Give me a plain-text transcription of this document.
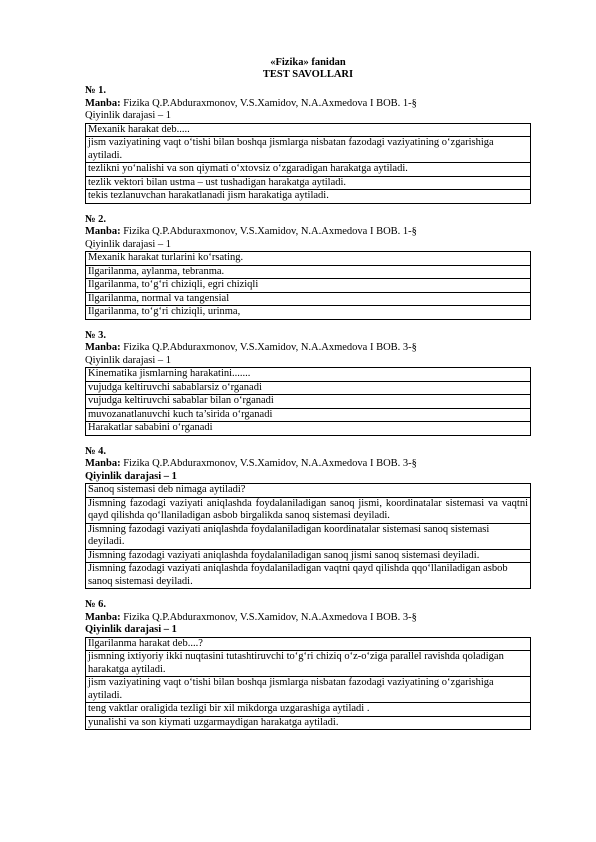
«Fizika» fanidan
TEST SAVOLLARI
№ 1.
Manba: Fizika Q.P.Abduraxmonov, V.S.Xamidov, N.A.Axmedova I BOB. 1-§
Qiyinlik darajasi – 1
Mexanik harakat deb.....
jism vaziyatining vaqt o‘tishi bilan boshqa jismlarga nisbatan fazodagi vaziyatining o‘zgarishiga aytiladi.
tezlikni yo‘nalishi va son qiymati o‘xtovsiz o‘zgaradigan harakatga aytiladi.
tezlik vektori bilan ustma – ust tushadigan harakatga aytiladi.
tekis tezlanuvchan harakatlanadi jism harakatiga aytiladi.
№ 2.
Manba: Fizika Q.P.Abduraxmonov, V.S.Xamidov, N.A.Axmedova I BOB. 1-§
Qiyinlik darajasi – 1
Mexanik harakat turlarini ko‘rsating.
Ilgarilanma, aylanma, tebranma.
Ilgarilanma, to‘g‘ri chiziqli, egri chiziqli
Ilgarilanma, normal va tangensial
Ilgarilanma, to‘g‘ri chiziqli, urinma,
№ 3.
Manba: Fizika Q.P.Abduraxmonov, V.S.Xamidov, N.A.Axmedova I BOB. 3-§
Qiyinlik darajasi – 1
Kinematika jismlarning harakatini.......
vujudga keltiruvchi sabablarsiz o‘rganadi
vujudga keltiruvchi sabablar bilan o‘rganadi
muvozanatlanuvchi kuch ta’sirida o‘rganadi
Harakatlar sababini o‘rganadi
№ 4.
Manba: Fizika Q.P.Abduraxmonov, V.S.Xamidov, N.A.Axmedova I BOB. 3-§
Qiyinlik darajasi – 1
Sanoq sistemasi deb nimaga aytiladi?
Jismning fazodagi vaziyati aniqlashda foydalaniladigan sanoq jismi, koordinatalar sistemasi va vaqtni qayd qilishda qo‘llaniladigan asbob birgalikda sanoq sistemasi deyiladi.
Jismning fazodagi vaziyati aniqlashda foydalaniladigan koordinatalar sistemasi sanoq sistemasi deyiladi.
Jismning fazodagi vaziyati aniqlashda foydalaniladigan sanoq jismi sanoq sistemasi deyiladi.
Jismning fazodagi vaziyati aniqlashda foydalaniladigan vaqtni qayd qilishda qqo‘llaniladigan asbob sanoq sistemasi deyiladi.
№ 6.
Manba: Fizika Q.P.Abduraxmonov, V.S.Xamidov, N.A.Axmedova I BOB. 3-§
Qiyinlik darajasi – 1
Ilgarilanma harakat deb....?
jismning ixtiyoriy ikki nuqtasini tutashtiruvchi to‘g‘ri chiziq o‘z-o‘ziga parallel ravishda qoladigan harakatga aytiladi.
jism vaziyatining vaqt o‘tishi bilan boshqa jismlarga nisbatan fazodagi vaziyatining o‘zgarishiga aytiladi.
teng vaktlar oraligida tezligi bir xil mikdorga uzgarashiga aytiladi .
yunalishi va son kiymati uzgarmaydigan harakatga aytiladi.
